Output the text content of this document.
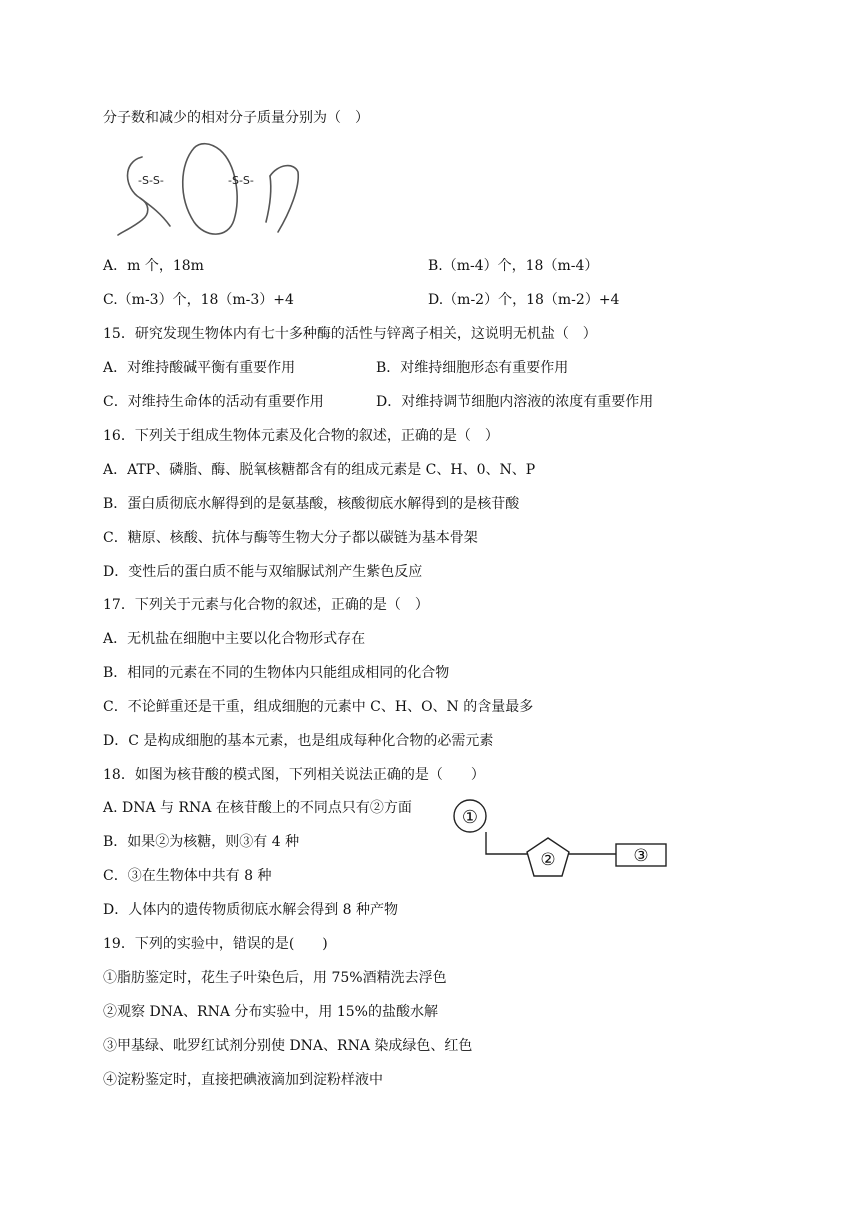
分子数和减少的相对分子质量分别为（　）
-S-S-	-S-S-
A．m 个，18m	B.（m-4）个，18（m-4）
C.（m-3）个，18（m-3）+4	D.（m-2）个，18（m-2）+4
15．研究发现生物体内有七十多种酶的活性与锌离子相关，这说明无机盐（　）
A．对维持酸碱平衡有重要作用	B．对维持细胞形态有重要作用
C．对维持生命体的活动有重要作用	D．对维持调节细胞内溶液的浓度有重要作用
16．下列关于组成生物体元素及化合物的叙述，正确的是（　）
A．ATP、磷脂、酶、脱氧核糖都含有的组成元素是 C、H、0、N、P
B．蛋白质彻底水解得到的是氨基酸，核酸彻底水解得到的是核苷酸
C．糖原、核酸、抗体与酶等生物大分子都以碳链为基本骨架
D．变性后的蛋白质不能与双缩脲试剂产生紫色反应
17．下列关于元素与化合物的叙述，正确的是（　）
A．无机盐在细胞中主要以化合物形式存在
B．相同的元素在不同的生物体内只能组成相同的化合物
C．不论鲜重还是干重，组成细胞的元素中 C、H、O、N 的含量最多
D．C 是构成细胞的基本元素，也是组成每种化合物的必需元素
18．如图为核苷酸的模式图，下列相关说法正确的是（　　）
A. DNA 与 RNA 在核苷酸上的不同点只有②方面
B．如果②为核糖，则③有 4 种
C．③在生物体中共有 8 种
D．人体内的遗传物质彻底水解会得到 8 种产物
①
②	③
19．下列的实验中，错误的是(　　)
①脂肪鉴定时，花生子叶染色后，用 75%酒精洗去浮色
②观察 DNA、RNA 分布实验中，用 15%的盐酸水解
③甲基绿、吡罗红试剂分别使 DNA、RNA 染成绿色、红色
④淀粉鉴定时，直接把碘液滴加到淀粉样液中
